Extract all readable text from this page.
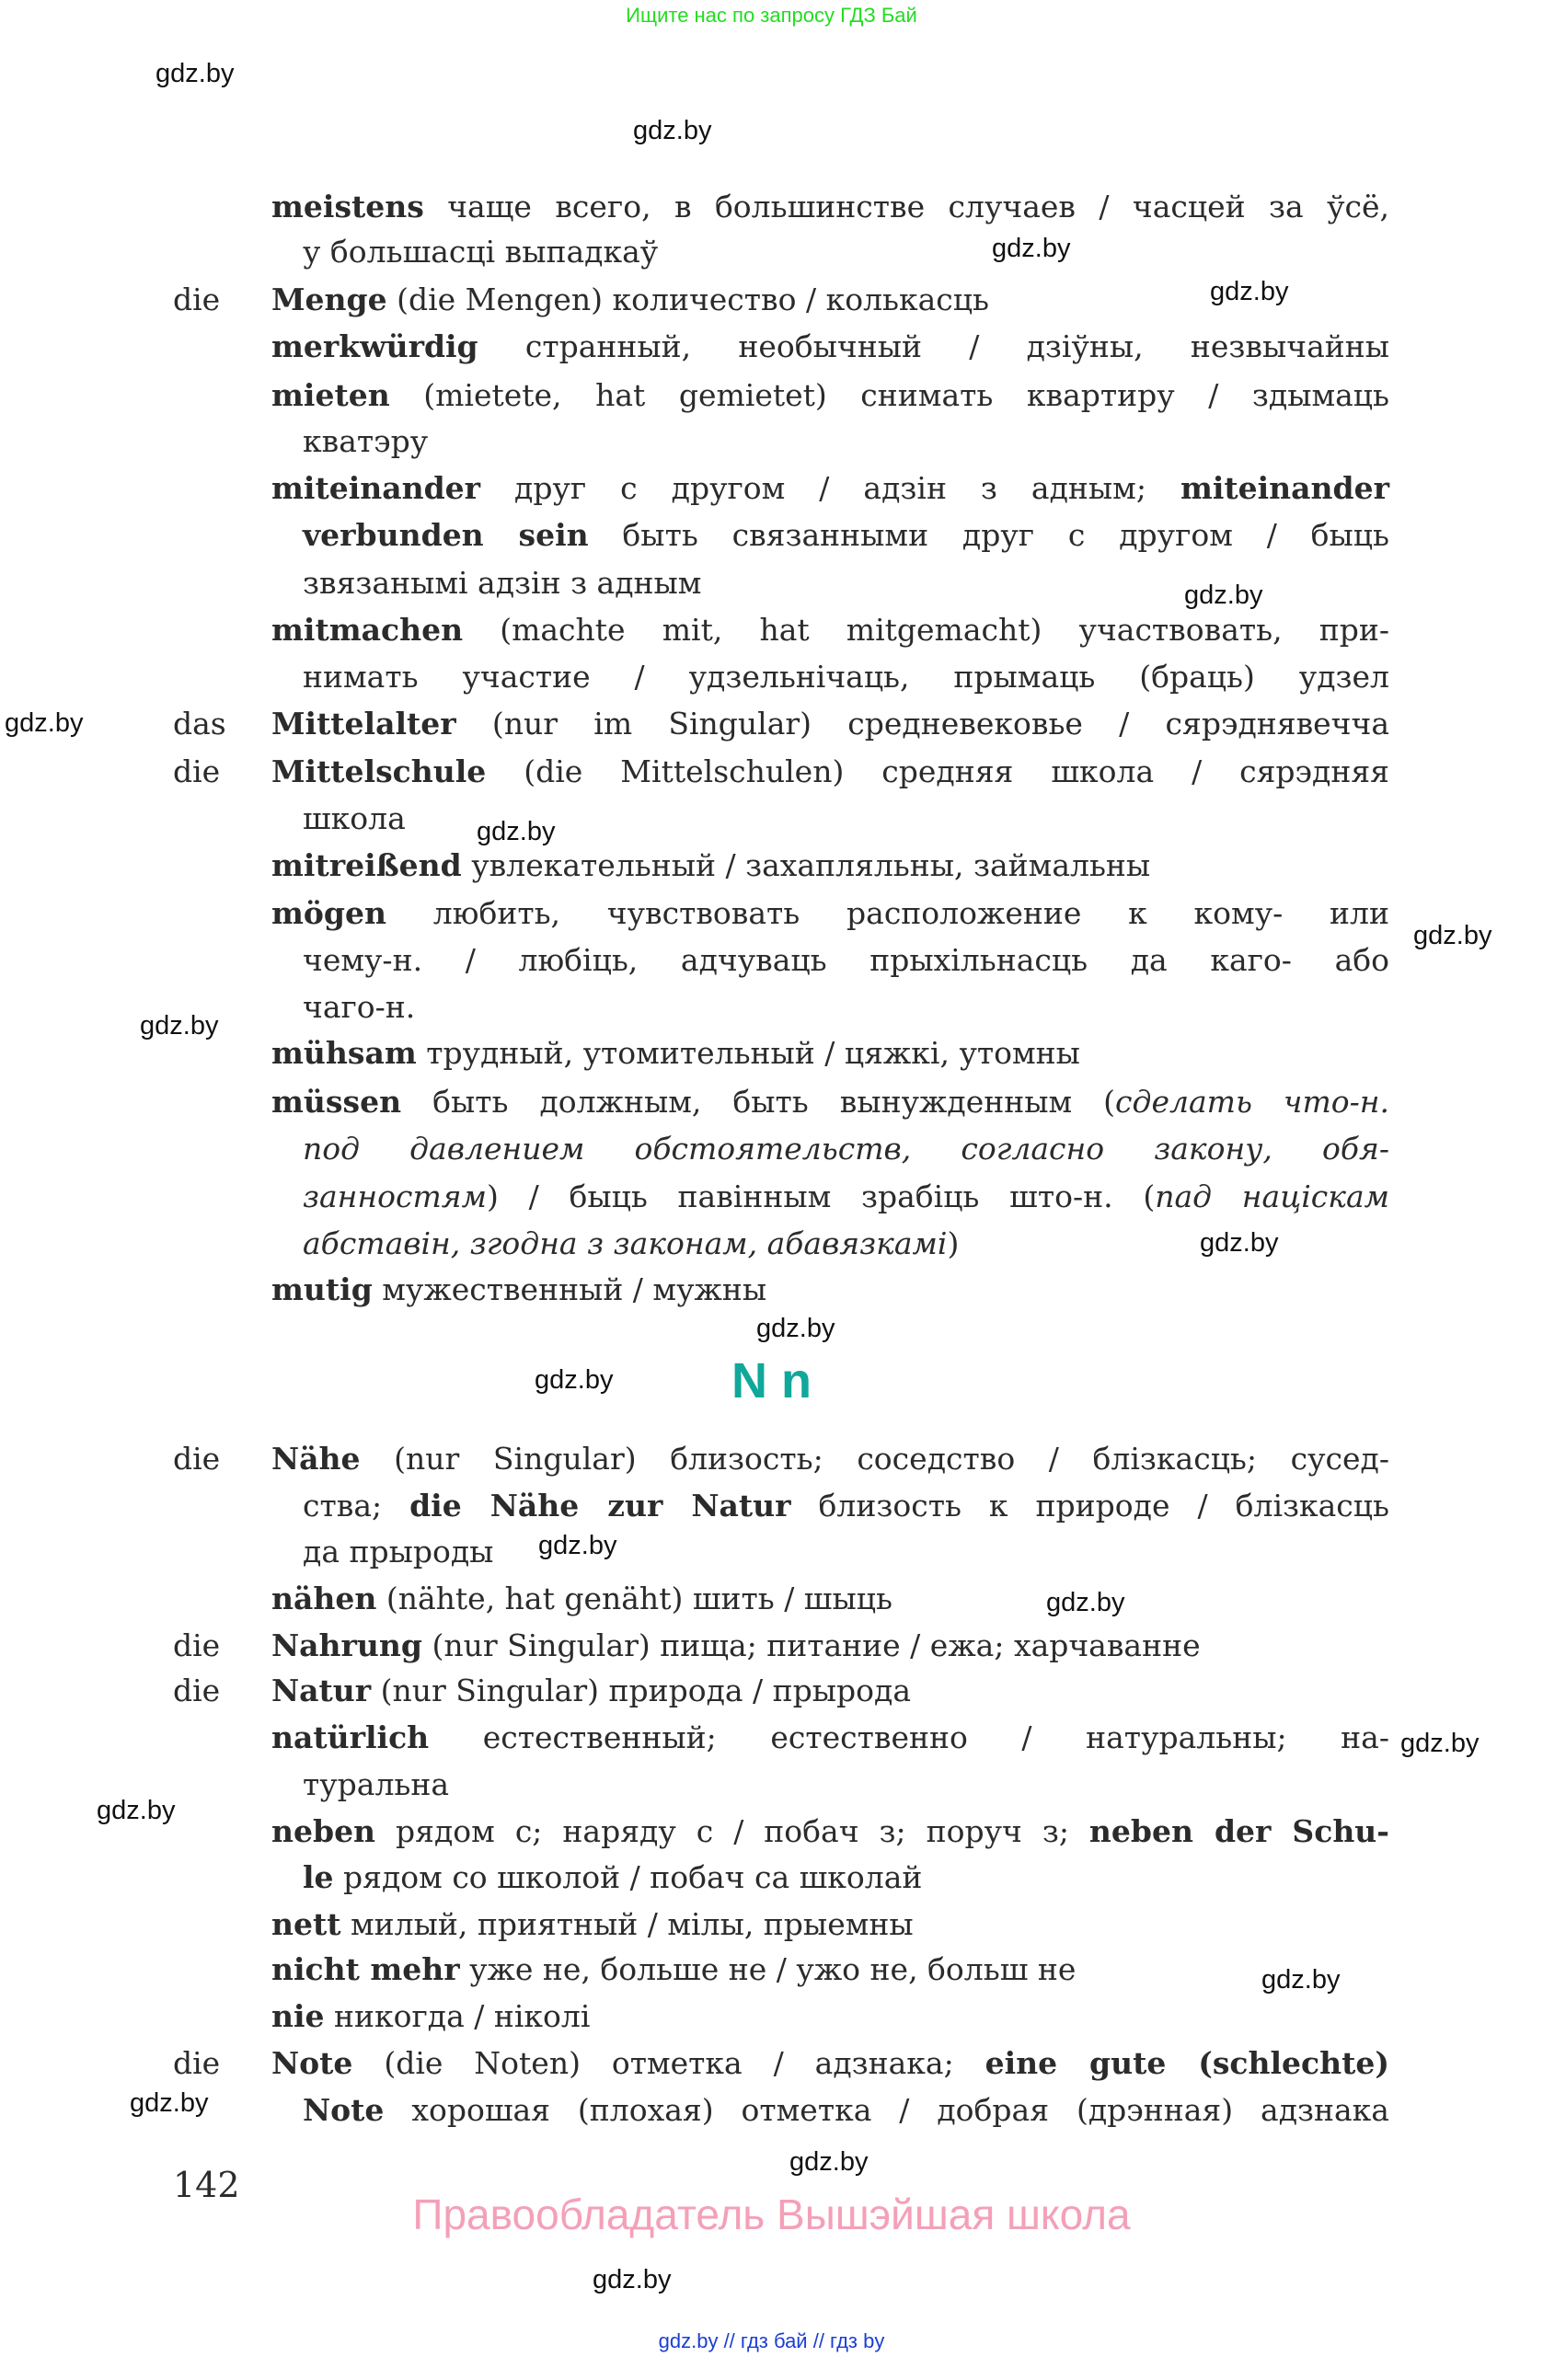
Ищите нас по запросу ГДЗ Бай
meistens чаще всего, в большинстве случаев / часцей за ўсё,
у большасці выпадкаў
die Menge (die Mengen) количество / колькасць
merkwürdig странный, необычный / дзіўны, незвычайны
mieten (mietete, hat gemietet) снимать квартиру / здымаць
кватэру
miteinander друг с другом / адзін з адным; miteinander
verbunden sein быть связанными друг с другом / быць
звязанымі адзін з адным
mitmachen (machte mit, hat mitgemacht) участвовать, при-
нимать участие / удзельнічаць, прымаць (браць) удзел
das Mittelalter (nur im Singular) средневековье / сярэднявечча
die Mittelschule (die Mittelschulen) средняя школа / сярэдняя
школа
mitreißend увлекательный / захапляльны, займальны
mögen любить, чувствовать расположение к кому- или
чему-н. / любіць, адчуваць прыхільнасць да каго- або
чаго-н.
mühsam трудный, утомительный / цяжкі, утомны
müssen быть должным, быть вынужденным (сделать что-н.
под давлением обстоятельств, согласно закону, обя-
занностям) / быць павінным зрабіць што-н. (пад націскам
абставін, згодна з законам, абавязкамі)
mutig мужественный / мужны
die Nähe (nur Singular) близость; соседство / блізкасць; сусед-
ства; die Nähe zur Natur близость к природе / блізкасць
да прыроды
nähen (nähte, hat genäht) шить / шыць
die Nahrung (nur Singular) пища; питание / ежа; харчаванне
die Natur (nur Singular) природа / прырода
natürlich естественный; естественно / натуральны; на-
туральна
neben рядом с; наряду с / побач з; поруч з; neben der Schu-
le рядом со школой / побач са школай
nett милый, приятный / мілы, прыемны
nicht mehr уже не, больше не / ужо не, больш не
nie никогда / ніколі
die Note (die Noten) отметка / адзнака; eine gute (schlechte)
Note хорошая (плохая) отметка / добрая (дрэнная) адзнака
N n
142
Правообладатель Вышэйшая школа
gdz.by // гдз бай // гдз by
gdz.by
gdz.by
gdz.by
gdz.by
gdz.by
gdz.by
gdz.by
gdz.by
gdz.by
gdz.by
gdz.by
gdz.by
gdz.by
gdz.by
gdz.by
gdz.by
gdz.by
gdz.by
gdz.by
gdz.by
